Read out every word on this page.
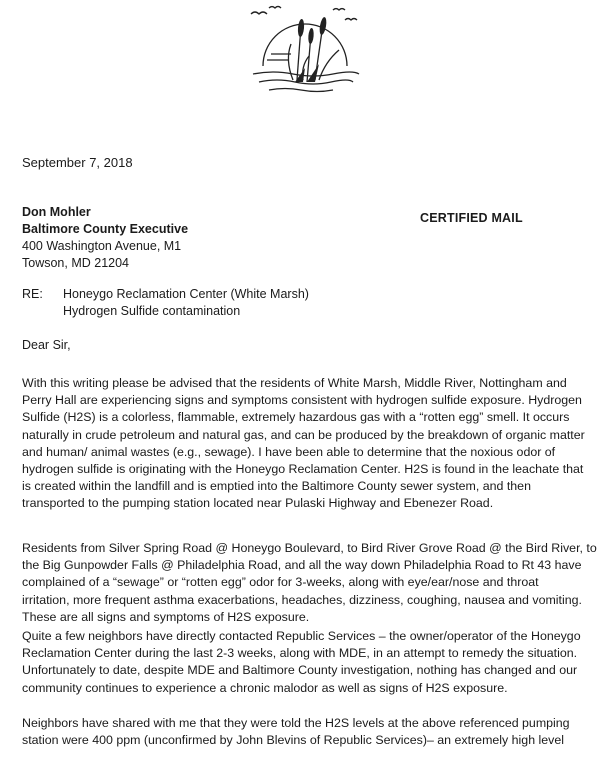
September 7, 2018
Don Mohler
Baltimore County Executive
400 Washington Avenue, M1
Towson, MD 21204
CERTIFIED MAIL
RE: Honeygo Reclamation Center (White Marsh)
Hydrogen Sulfide contamination
Dear Sir,
With this writing please be advised that the residents of White Marsh, Middle River, Nottingham and
Perry Hall are experiencing signs and symptoms consistent with hydrogen sulfide exposure. Hydrogen
Sulfide (H2S) is a colorless, flammable, extremely hazardous gas with a “rotten egg” smell. It occurs
naturally in crude petroleum and natural gas, and can be produced by the breakdown of organic matter
and human/ animal wastes (e.g., sewage). I have been able to determine that the noxious odor of
hydrogen sulfide is originating with the Honeygo Reclamation Center. H2S is found in the leachate that
is created within the landfill and is emptied into the Baltimore County sewer system, and then
transported to the pumping station located near Pulaski Highway and Ebenezer Road.
Residents from Silver Spring Road @ Honeygo Boulevard, to Bird River Grove Road @ the Bird River, to
the Big Gunpowder Falls @ Philadelphia Road, and all the way down Philadelphia Road to Rt 43 have
complained of a “sewage” or “rotten egg” odor for 3-weeks, along with eye/ear/nose and throat
irritation, more frequent asthma exacerbations, headaches, dizziness, coughing, nausea and vomiting.
These are all signs and symptoms of H2S exposure.
Quite a few neighbors have directly contacted Republic Services – the owner/operator of the Honeygo
Reclamation Center during the last 2-3 weeks, along with MDE, in an attempt to remedy the situation.
Unfortunately to date, despite MDE and Baltimore County investigation, nothing has changed and our
community continues to experience a chronic malodor as well as signs of H2S exposure.
Neighbors have shared with me that they were told the H2S levels at the above referenced pumping
station were 400 ppm (unconfirmed by John Blevins of Republic Services)– an extremely high level
